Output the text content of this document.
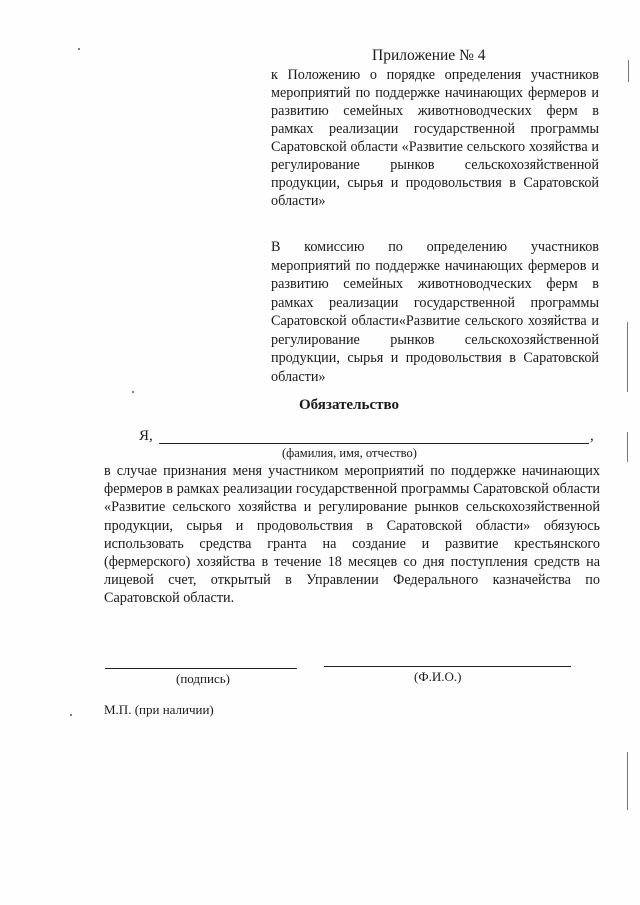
Приложение № 4
к Положению о порядке определения участников мероприятий по поддержке начинающих фермеров и развитию семейных животноводческих ферм в рамках реализации государственной программы Саратовской области «Развитие сельского хозяйства и регулирование рынков сельскохозяйственной продукции, сырья и продовольствия в Саратовской области»
В комиссию по определению участников мероприятий по поддержке начинающих фермеров и развитию семейных животноводческих ферм в рамках реализации государственной программы Саратовской области«Развитие сельского хозяйства и регулирование рынков сельскохозяйственной продукции, сырья и продовольствия в Саратовской области»
Обязательство
Я,	,
(фамилия, имя, отчество)
в случае признания меня участником мероприятий по поддержке начинающих фермеров в рамках реализации государственной программы Саратовской области «Развитие сельского хозяйства и регулирование рынков сельскохозяйственной продукции, сырья и продовольствия в Саратовской области» обязуюсь использовать средства гранта на создание и развитие крестьянского (фермерского) хозяйства в течение 18 месяцев со дня поступления средств на лицевой счет, открытый в Управлении Федерального казначейства по Саратовской области.
(подпись)	(Ф.И.О.)
М.П. (при наличии)
